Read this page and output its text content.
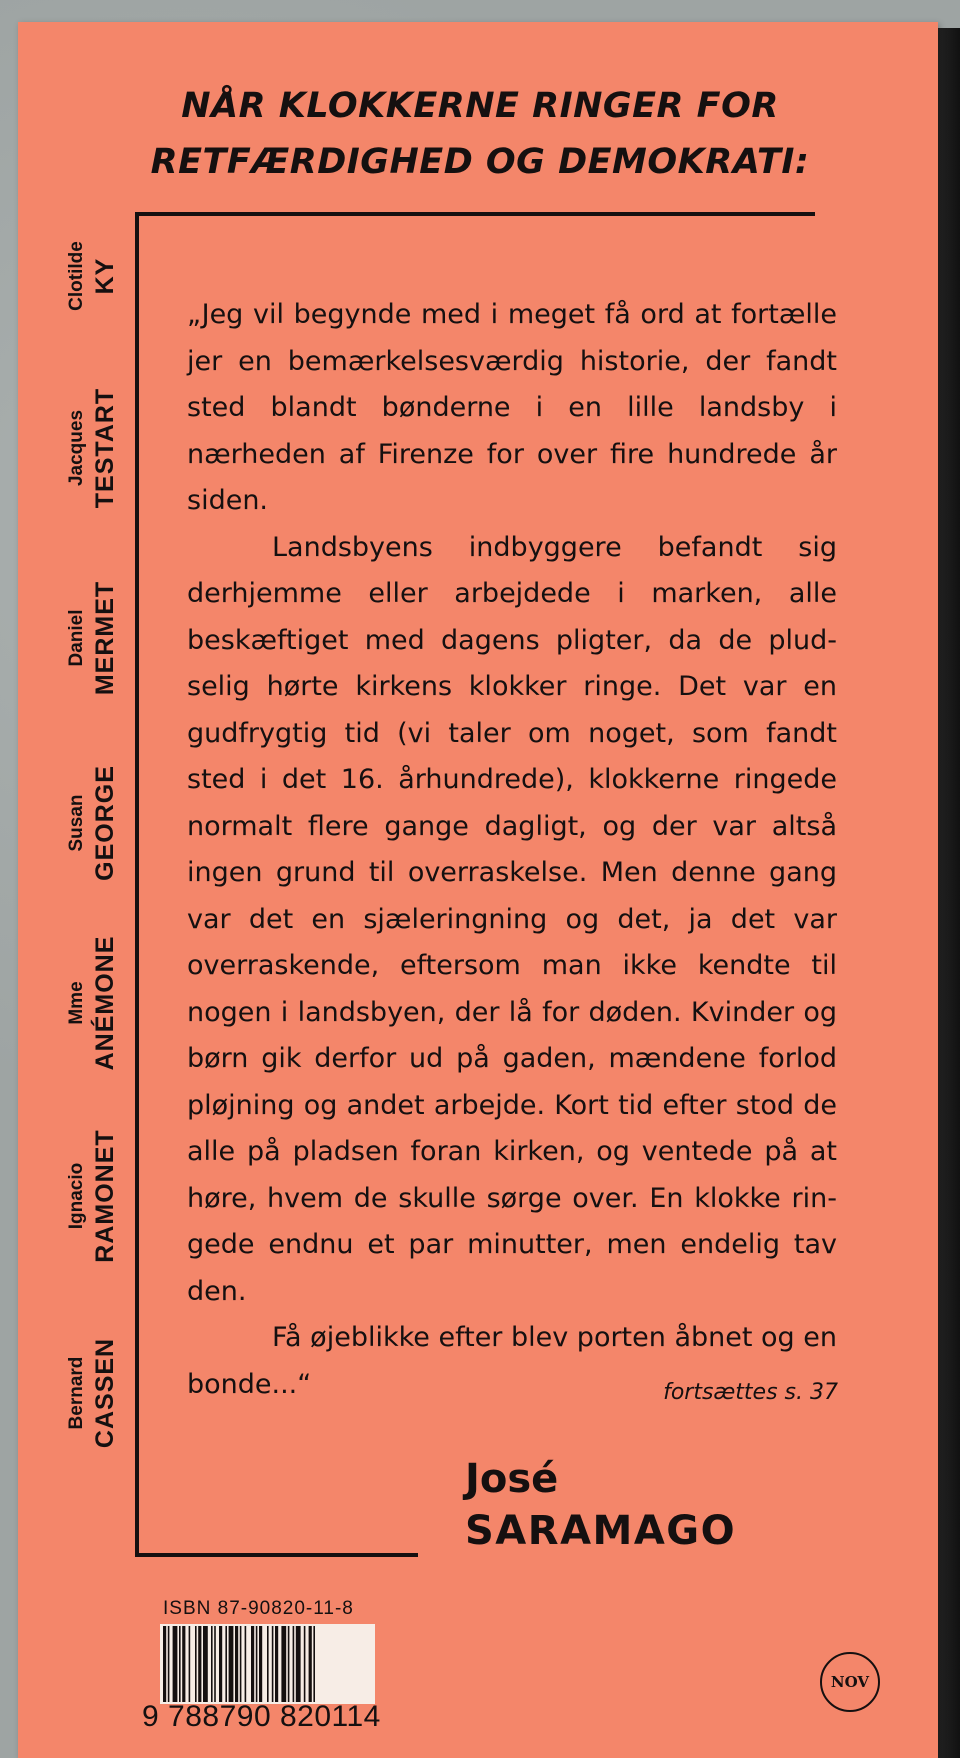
NÅR KLOKKERNE RINGER FOR
RETFÆRDIGHED OG DEMOKRATI:
Clotilde KY
Jacques TESTART
Daniel MERMET
Susan GEORGE
Mme ANÉMONE
Ignacio RAMONET
Bernard CASSEN

„Jeg vil begynde med i meget få ord at fortælle jer en bemærkelsesværdig historie, der fandt sted blandt bønderne i en lille landsby i nærheden af Firenze for over fire hundrede år siden.

Landsbyens indbyggere befandt sig derhjemme eller arbejdede i marken, alle beskæftiget med dagens pligter, da de pludselig hørte kirkens klokker ringe. Det var en gudfrygtig tid (vi taler om noget, som fandt sted i det 16. århundrede), klokkerne ringede normalt flere gange dagligt, og der var altså ingen grund til overraskelse. Men denne gang var det en sjæleringning og det, ja det var overraskende, eftersom man ikke kendte til nogen i landsbyen, der lå for døden. Kvinder og børn gik derfor ud på gaden, mændene forlod pløjning og andet arbejde. Kort tid efter stod de alle på pladsen foran kirken, og ventede på at høre, hvem de skulle sørge over. En klokke ringede endnu et par minutter, men endelig tav den.

Få øjeblikke efter blev porten åbnet og en bonde...“	fortsættes s. 37
José
SARAMAGO
ISBN 87-90820-11-8
9 788790 820114
NOV
